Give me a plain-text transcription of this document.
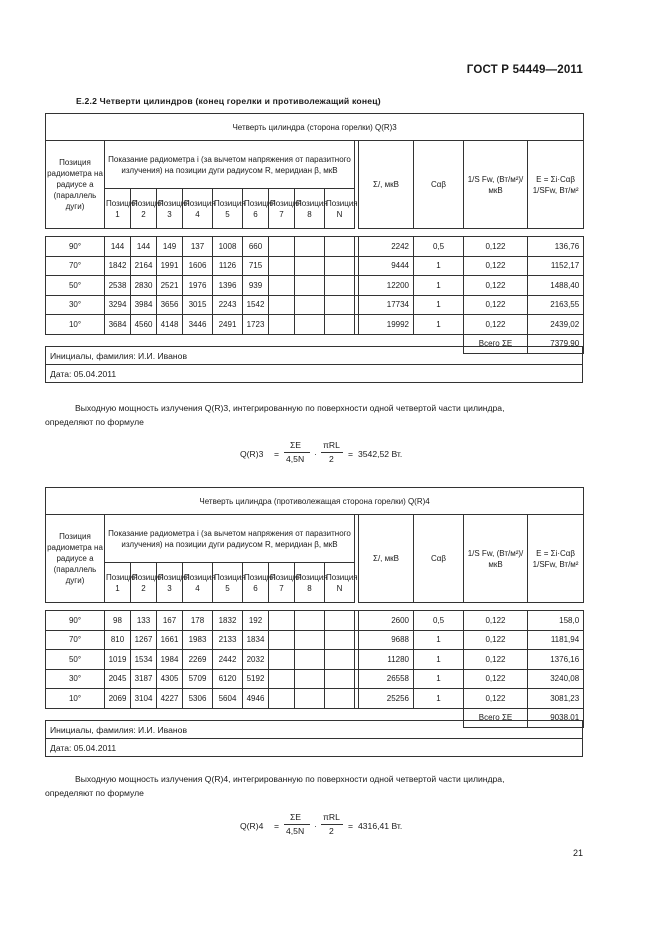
ГОСТ Р 54449—2011
Е.2.2 Четверти цилиндров (конец горелки и противолежащий конец)
Четверть цилиндра (сторона горелки) Q(R)3														
Позиция радиометра на радиусе a (параллель дуги)	Показание радиометра i (за вычетом напряжения от паразитного излучения) на позиции дуги радиусом R, меридиан β, мкВ										Σ/, мкВ	Cαβ	1/S Fw, (Вт/м²)/мкВ	E = Σi·Cαβ 1/SFw, Вт/м²
	Позиция 1	Позиция 2	Позиция 3	Позиция 4	Позиция 5	Позиция 6	Позиция 7	Позиция 8	Позиция N					

90°	144	144	149	137	1008	660					2242	0,5	0,122	136,76
70°	1842	2164	1991	1606	1126	715					9444	1	0,122	1152,17
50°	2538	2830	2521	1976	1396	939					12200	1	0,122	1488,40
30°	3294	3984	3656	3015	2243	1542					17734	1	0,122	2163,55
10°	3684	4560	4148	3446	2491	1723					19992	1	0,122	2439,02
													Всего ΣE	7379,90
Инициалы, фамилия: И.И. Иванов
Дата: 05.04.2011
Выходную мощность излучения Q(R)3, интегрированную по поверхности одной четвертой части цилиндра,
определяют по формуле
Q(R)3 =
ΣE
4,5N ·
πRL
2 = 3542,52 Вт.
Четверть цилиндра (противолежащая сторона горелки) Q(R)4														
Позиция радиометра на радиусе a (параллель дуги)	Показание радиометра i (за вычетом напряжения от паразитного излучения) на позиции дуги радиусом R, меридиан β, мкВ										Σ/, мкВ	Cαβ	1/S Fw, (Вт/м²)/мкВ	E = Σi·Cαβ 1/SFw, Вт/м²
	Позиция 1	Позиция 2	Позиция 3	Позиция 4	Позиция 5	Позиция 6	Позиция 7	Позиция 8	Позиция N					

90°	98	133	167	178	1832	192					2600	0,5	0,122	158,0
70°	810	1267	1661	1983	2133	1834					9688	1	0,122	1181,94
50°	1019	1534	1984	2269	2442	2032					11280	1	0,122	1376,16
30°	2045	3187	4305	5709	6120	5192					26558	1	0,122	3240,08
10°	2069	3104	4227	5306	5604	4946					25256	1	0,122	3081,23
													Всего ΣE	9038,01
Инициалы, фамилия: И.И. Иванов
Дата: 05.04.2011
Выходную мощность излучения Q(R)4, интегрированную по поверхности одной четвертой части цилиндра,
определяют по формуле
Q(R)4 =
ΣE
4,5N ·
πRL
2 = 4316,41 Вт.
21
